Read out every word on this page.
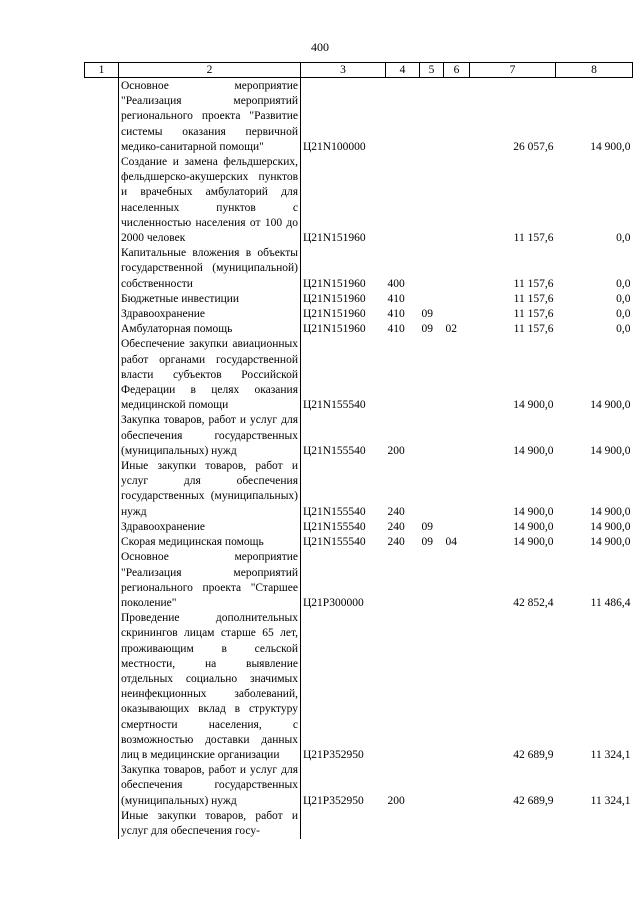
400
1	2	3	4	5	6	7	8
	Основное мероприятие "Реализация мероприятий регионального проекта "Развитие системы оказания первичной медико-санитарной помощи"	Ц21N100000				26 057,6	14 900,0
	Создание и замена фельдшерских, фельдшерско-акушерских пунктов и врачебных амбулаторий для населенных пунктов с численностью населения от 100 до 2000 человек	Ц21N151960				11 157,6	0,0
	Капитальные вложения в объекты государственной (муниципальной) собственности	Ц21N151960	400			11 157,6	0,0
	Бюджетные инвестиции	Ц21N151960	410			11 157,6	0,0
	Здравоохранение	Ц21N151960	410	09		11 157,6	0,0
	Амбулаторная помощь	Ц21N151960	410	09	02	11 157,6	0,0
	Обеспечение закупки авиационных работ органами государственной власти субъектов Российской Федерации в целях оказания медицинской помощи	Ц21N155540				14 900,0	14 900,0
	Закупка товаров, работ и услуг для обеспечения государственных (муниципальных) нужд	Ц21N155540	200			14 900,0	14 900,0
	Иные закупки товаров, работ и услуг для обеспечения государственных (муниципальных) нужд	Ц21N155540	240			14 900,0	14 900,0
	Здравоохранение	Ц21N155540	240	09		14 900,0	14 900,0
	Скорая медицинская помощь	Ц21N155540	240	09	04	14 900,0	14 900,0
	Основное мероприятие "Реализация мероприятий регионального проекта "Старшее поколение"	Ц21P300000				42 852,4	11 486,4
	Проведение дополнительных скринингов лицам старше 65 лет, проживающим в сельской местности, на выявление отдельных социально значимых неинфекционных заболеваний, оказывающих вклад в структуру смертности населения, с возможностью доставки данных лиц в медицинские организации	Ц21P352950				42 689,9	11 324,1
	Закупка товаров, работ и услуг для обеспечения государственных (муниципальных) нужд	Ц21P352950	200			42 689,9	11 324,1
	Иные закупки товаров, работ и услуг для обеспечения госу-						
